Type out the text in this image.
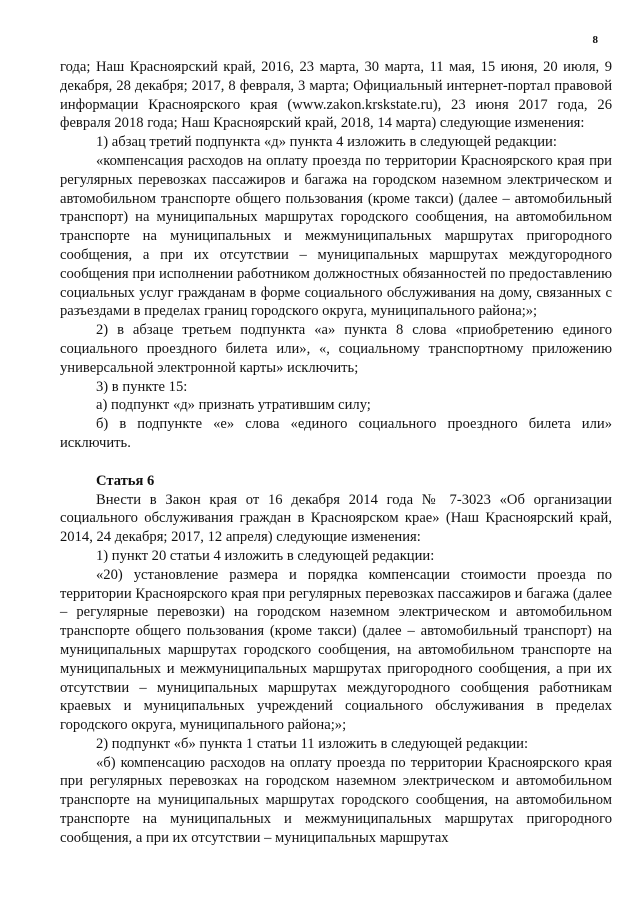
8

года; Наш Красноярский край, 2016, 23 марта, 30 марта, 11 мая, 15 июня, 20 июля, 9 декабря, 28 декабря; 2017, 8 февраля, 3 марта; Официальный интернет-портал правовой информации Красноярского края (www.zakon.krskstate.ru), 23 июня 2017 года, 26 февраля 2018 года; Наш Красноярский край, 2018, 14 марта) следующие изменения:

1) абзац третий подпункта «д» пункта 4 изложить в следующей редакции:

«компенсация расходов на оплату проезда по территории Красноярского края при регулярных перевозках пассажиров и багажа на городском наземном электрическом и автомобильном транспорте общего пользования (кроме такси) (далее – автомобильный транспорт) на муниципальных маршрутах городского сообщения, на автомобильном транспорте на муниципальных и межмуниципальных маршрутах пригородного сообщения, а при их отсутствии – муниципальных маршрутах междугородного сообщения при исполнении работником должностных обязанностей по предоставлению социальных услуг гражданам в форме социального обслуживания на дому, связанных с разъездами в пределах границ городского округа, муниципального района;»;

2) в абзаце третьем подпункта «а» пункта 8 слова «приобретению единого социального проездного билета или», «, социальному транспортному приложению универсальной электронной карты» исключить;

3) в пункте 15:

а) подпункт «д» признать утратившим силу;

б) в подпункте «е» слова «единого социального проездного билета или» исключить.

Статья 6

Внести в Закон края от 16 декабря 2014 года № 7-3023 «Об организации социального обслуживания граждан в Красноярском крае» (Наш Красноярский край, 2014, 24 декабря; 2017, 12 апреля) следующие изменения:

1) пункт 20 статьи 4 изложить в следующей редакции:

«20) установление размера и порядка компенсации стоимости проезда по территории Красноярского края при регулярных перевозках пассажиров и багажа (далее – регулярные перевозки) на городском наземном электрическом и автомобильном транспорте общего пользования (кроме такси) (далее – автомобильный транспорт) на муниципальных маршрутах городского сообщения, на автомобильном транспорте на муниципальных и межмуниципальных маршрутах пригородного сообщения, а при их отсутствии – муниципальных маршрутах междугородного сообщения работникам краевых и муниципальных учреждений социального обслуживания в пределах городского округа, муниципального района;»;

2) подпункт «б» пункта 1 статьи 11 изложить в следующей редакции:

«б) компенсацию расходов на оплату проезда по территории Красноярского края при регулярных перевозках на городском наземном электрическом и автомобильном транспорте на муниципальных маршрутах городского сообщения, на автомобильном транспорте на муниципальных и межмуниципальных маршрутах пригородного сообщения, а при их отсутствии – муниципальных маршрутах
